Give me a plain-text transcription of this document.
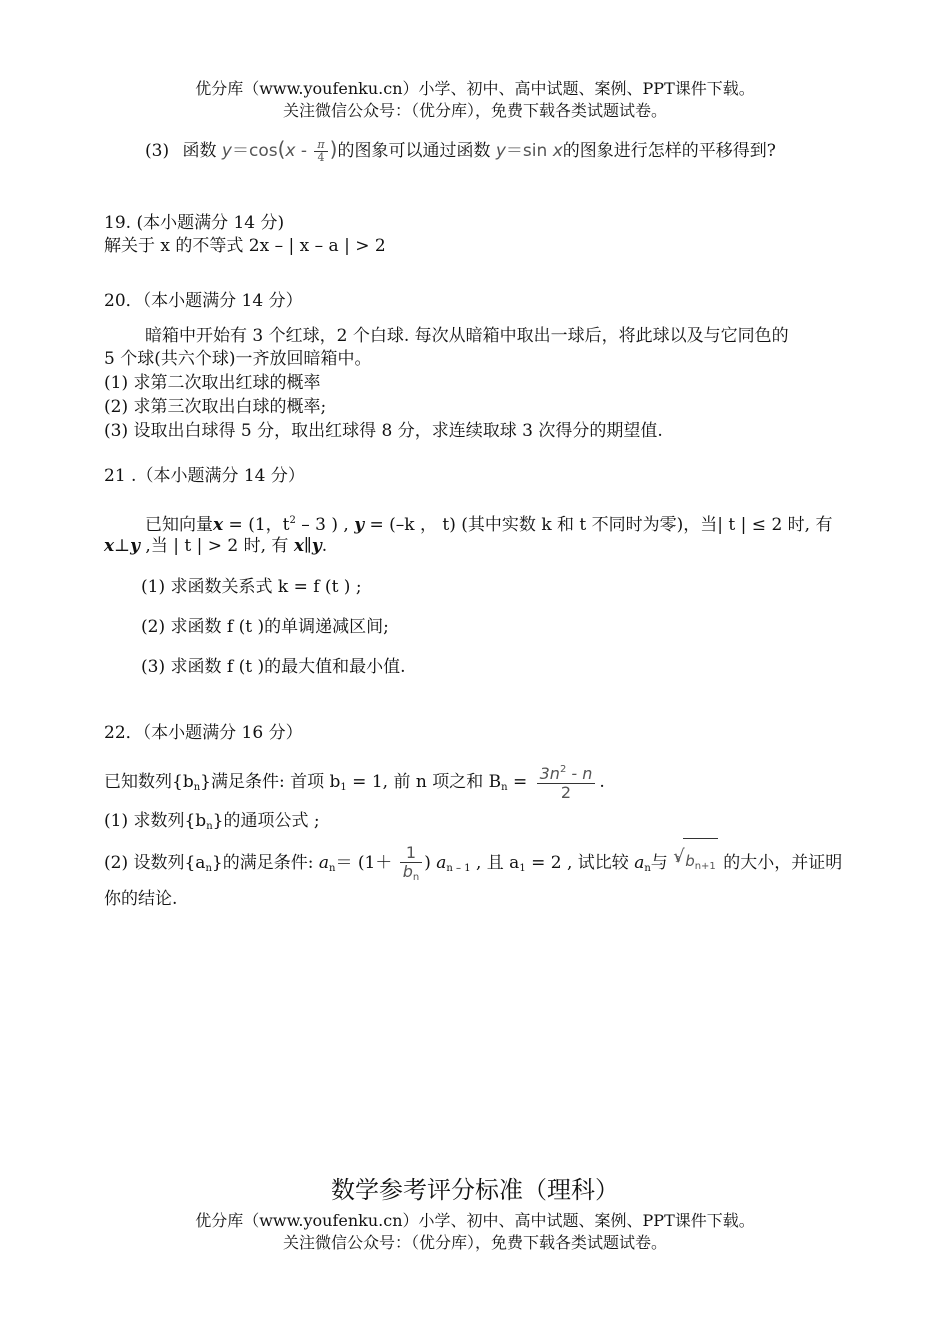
优分库（www.youfenku.cn）小学、初中、高中试题、案例、PPT课件下载。
关注微信公众号：（优分库），免费下载各类试题试卷。
(3) 函数 $y=\cos(x - \frac{\pi}{4}$ )的图象可以通过函数 y＝sin x的图象进行怎样的平移得到?
19. (本小题满分 14 分)
解关于 x 的不等式 2x – | x – a | > 2
20．（本小题满分 14 分）
暗箱中开始有 3 个红球，2 个白球. 每次从暗箱中取出一球后，将此球以及与它同色的
5 个球(共六个球)一齐放回暗箱中。
(1) 求第二次取出红球的概率
(2) 求第三次取出白球的概率;
(3) 设取出白球得 5 分，取出红球得 8 分，求连续取球 3 次得分的期望值.
21 .（本小题满分 14 分）
已知向量x = (1，$t^2 - 3$ ) , y = (–k ， t) (其中实数 k 和 t 不同时为零)，当| t | ≤ 2 时, 有
x⊥y ,当 | t | > 2 时, 有 x∥y.
(1) 求函数关系式 k = f (t ) ;
(2) 求函数 f (t )的单调递减区间;
(3) 求函数 f (t )的最大值和最小值.
22．（本小题满分 16 分）
已知数列$\{b_n\}$满足条件: 首项 $b_1 = 1$, 前 n 项之和 $B_n = \frac{3n^2 - n}{2}$ .
(1) 求数列$\{b_n\}$的通项公式 ;
(2) 设数列$\{a_n\}$的满足条件: $a_n= (1+ \frac{1}{b_n}$ ) $a_{n - 1}$ , 且 $a_1 = 2$ , 试比较 $a_n$与 3
√ $b_{n+1}$ 的大小，并证明
你的结论.
数学参考评分标准（理科）
优分库（www.youfenku.cn）小学、初中、高中试题、案例、PPT课件下载。
关注微信公众号：（优分库），免费下载各类试题试卷。
